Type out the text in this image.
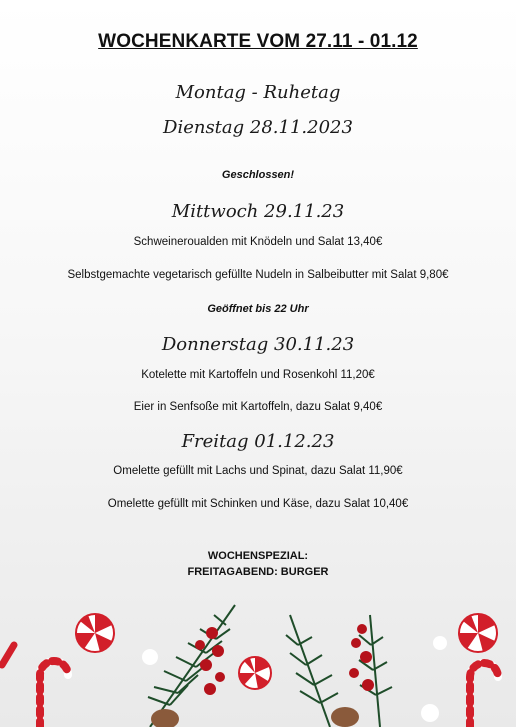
WOCHENKARTE VOM 27.11 - 01.12
Montag - Ruhetag
Dienstag 28.11.2023
Geschlossen!
Mittwoch 29.11.23
Schweineroualden mit Knödeln und Salat 13,40€
Selbstgemachte vegetarisch gefüllte Nudeln in Salbeibutter mit Salat 9,80€
Geöffnet bis 22 Uhr
Donnerstag 30.11.23
Kotelette mit Kartoffeln und Rosenkohl 11,20€
Eier in Senfsoße mit Kartoffeln, dazu Salat 9,40€
Freitag 01.12.23
Omelette gefüllt mit Lachs und Spinat, dazu Salat 11,90€
Omelette gefüllt mit Schinken und Käse, dazu Salat 10,40€
WOCHENSPEZIAL:
FREITAGABEND: BURGER
